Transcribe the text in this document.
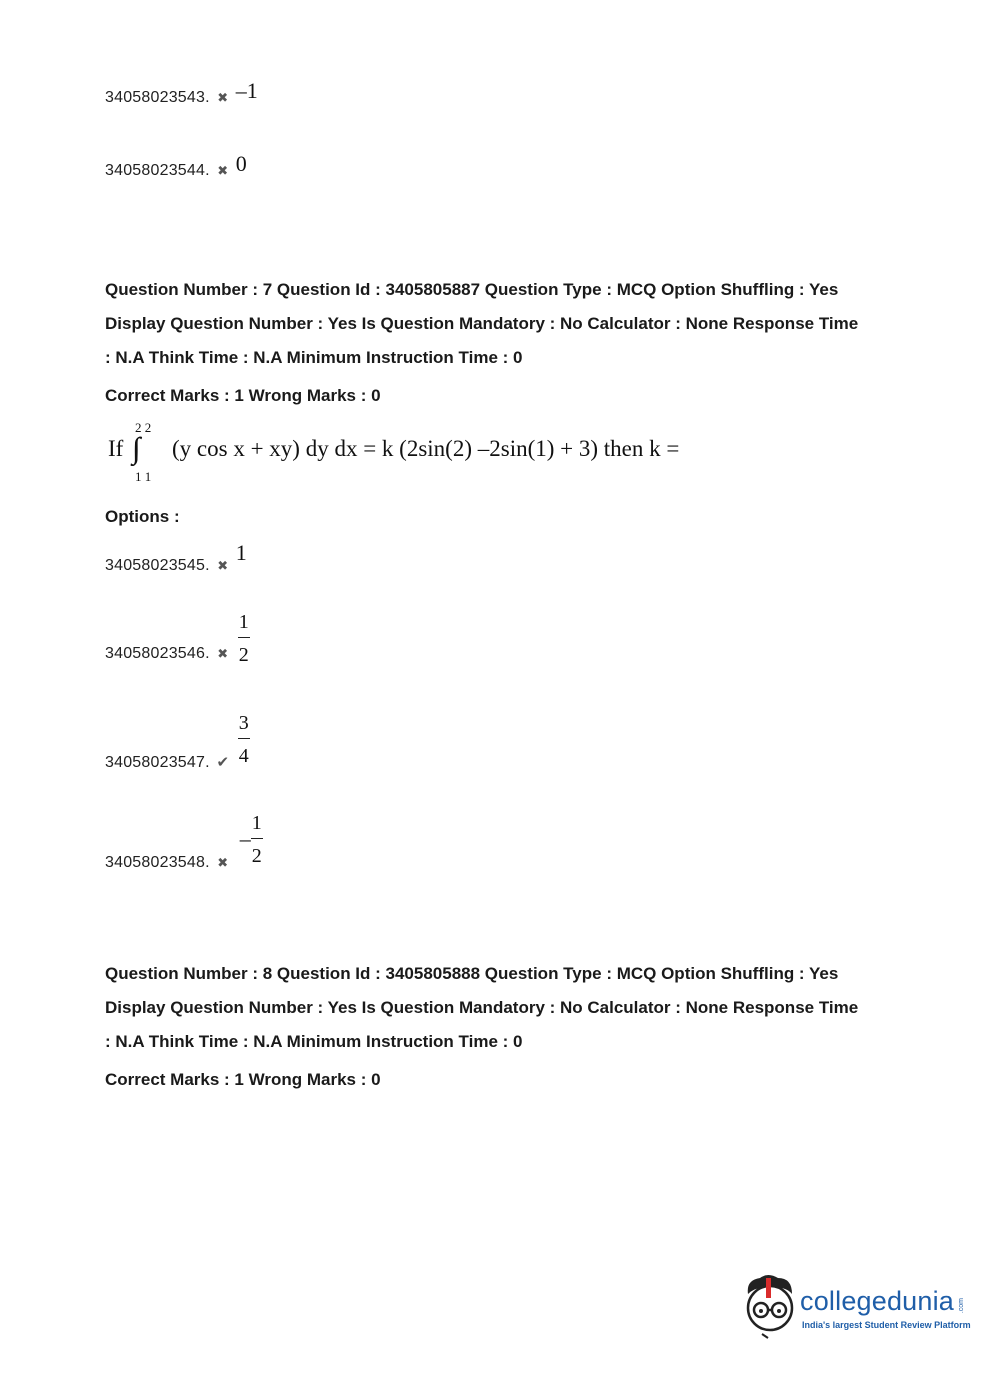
34058023543. ✖ –1
34058023544. ✖ 0
Question Number : 7 Question Id : 3405805887 Question Type : MCQ Option Shuffling : Yes
Display Question Number : Yes Is Question Mandatory : No Calculator : None Response Time
: N.A Think Time : N.A Minimum Instruction Time : 0
Correct Marks : 1 Wrong Marks : 0
If
2 2
∫∫
1 1
(y cos x + xy) dy dx = k (2sin(2) –2sin(1) + 3) then k =
Options :
34058023545. ✖
1
34058023546. ✖ $\frac{1}{2}$
34058023547. ✔ $\frac{3}{4}$
34058023548. ✖
– $\frac{1}{2}$
Question Number : 8 Question Id : 3405805888 Question Type : MCQ Option Shuffling : Yes
Display Question Number : Yes Is Question Mandatory : No Calculator : None Response Time
: N.A Think Time : N.A Minimum Instruction Time : 0
Correct Marks : 1 Wrong Marks : 0
collegedunia .com
India's largest Student Review Platform
